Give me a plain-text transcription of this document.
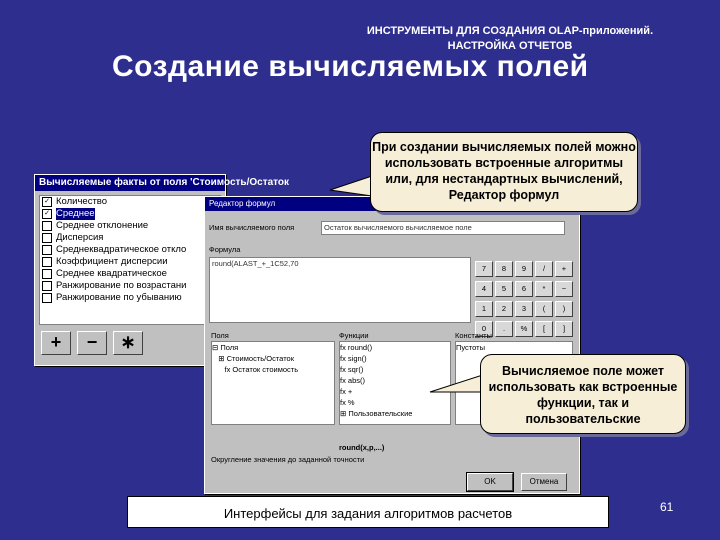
ИНСТРУМЕНТЫ ДЛЯ СОЗДАНИЯ OLAP-приложений.
НАСТРОЙКА ОТЧЕТОВ
Создание вычисляемых полей
Вычисляемые факты от поля 'Стоимость/Остаток
✓ Количество
✓ Среднее
Среднее отклонение
Дисперсия
Среднеквадратическое откло
Коэффициент дисперсии
Среднее квадратическое
Ранжирование по возрастани
Ранжирование по убыванию
+	−	∗
Редактор формул
Имя вычисляемого поля	Остаток вычисляемого вычисляемое поле
Формула
round(ALAST_+_1C52,70
7	8	9	/	+
4	5	6	*	−
1	2	3	(	)
0	.	%	[	]
Поля
⊟ Поля
⊞ Стоимость/Остаток
fx Остаток стоимость
Функции
fx round()
fx sign()
fx sqr()
fx abs()
fx +
fx %
⊞ Пользовательские
Константы
Пустоты
round(x,p,...)
Округление значения до заданной точности
OK	Отмена
При создании вычисляемых полей можно использовать встроенные алгоритмы или, для нестандартных вычислений, Редактор формул
Вычисляемое поле может использовать как встроенные функции, так и пользовательские
Интерфейсы для задания алгоритмов расчетов	61
